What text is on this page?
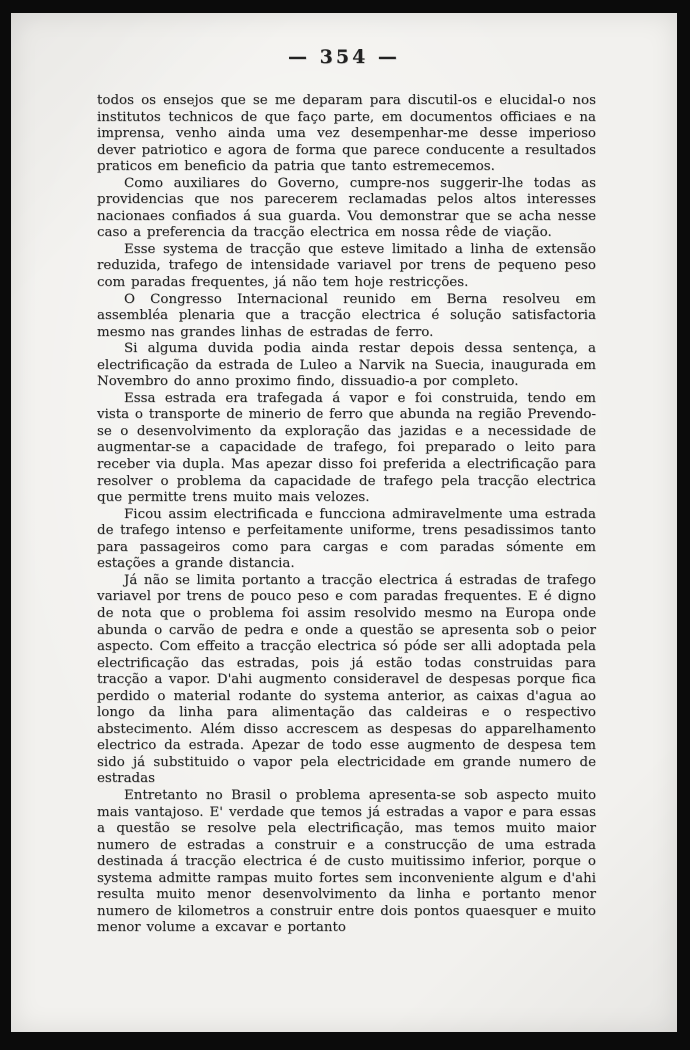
— 354 —

todos os ensejos que se me deparam para discutil-os e elucidal-o nos institutos technicos de que faço parte, em documentos officiaes e na imprensa, venho ainda uma vez desempenhar-me desse imperioso dever patriotico e agora de forma que parece conducente a resultados praticos em beneficio da patria que tanto estremecemos.

Como auxiliares do Governo, cumpre-nos suggerir-lhe todas as providencias que nos parecerem reclamadas pelos altos interesses nacionaes confiados á sua guarda. Vou demonstrar que se acha nesse caso a preferencia da tracção electrica em nossa rêde de viação.

Esse systema de tracção que esteve limitado a linha de extensão reduzida, trafego de intensidade variavel por trens de pequeno peso com paradas frequentes, já não tem hoje restricções.

O Congresso Internacional reunido em Berna resolveu em assembléa plenaria que a tracção electrica é solução satisfactoria mesmo nas grandes linhas de estradas de ferro.

Si alguma duvida podia ainda restar depois dessa sentença, a electrificação da estrada de Luleo a Narvik na Suecia, inaugurada em Novembro do anno proximo findo, dissuadio-a por completo.

Essa estrada era trafegada á vapor e foi construida, tendo em vista o transporte de minerio de ferro que abunda na região Prevendo-se o desenvolvimento da exploração das jazidas e a necessidade de augmentar-se a capacidade de trafego, foi preparado o leito para receber via dupla. Mas apezar disso foi preferida a electrificação para resolver o problema da capacidade de trafego pela tracção electrica que permitte trens muito mais velozes.

Ficou assim electrificada e funcciona admiravelmente uma estrada de trafego intenso e perfeitamente uniforme, trens pesadissimos tanto para passageiros como para cargas e com paradas sómente em estações a grande distancia.

Já não se limita portanto a tracção electrica á estradas de trafego variavel por trens de pouco peso e com paradas frequentes. E é digno de nota que o problema foi assim resolvido mesmo na Europa onde abunda o carvão de pedra e onde a questão se apresenta sob o peior aspecto. Com effeito a tracção electrica só póde ser alli adoptada pela electrificação das estradas, pois já estão todas construidas para tracção a vapor. D'ahi augmento consideravel de despesas porque fica perdido o material rodante do systema anterior, as caixas d'agua ao longo da linha para alimentação das caldeiras e o respectivo abstecimento. Além disso accrescem as despesas do apparelhamento electrico da estrada. Apezar de todo esse augmento de despesa tem sido já substituido o vapor pela electricidade em grande numero de estradas

Entretanto no Brasil o problema apresenta-se sob aspecto muito mais vantajoso. E' verdade que temos já estradas a vapor e para essas a questão se resolve pela electrificação, mas temos muito maior numero de estradas a construir e a construcção de uma estrada destinada á tracção electrica é de custo muitissimo inferior, porque o systema admitte rampas muito fortes sem inconveniente algum e d'ahi resulta muito menor desenvolvimento da linha e portanto menor numero de kilometros a construir entre dois pontos quaesquer e muito menor volume a excavar e portanto
